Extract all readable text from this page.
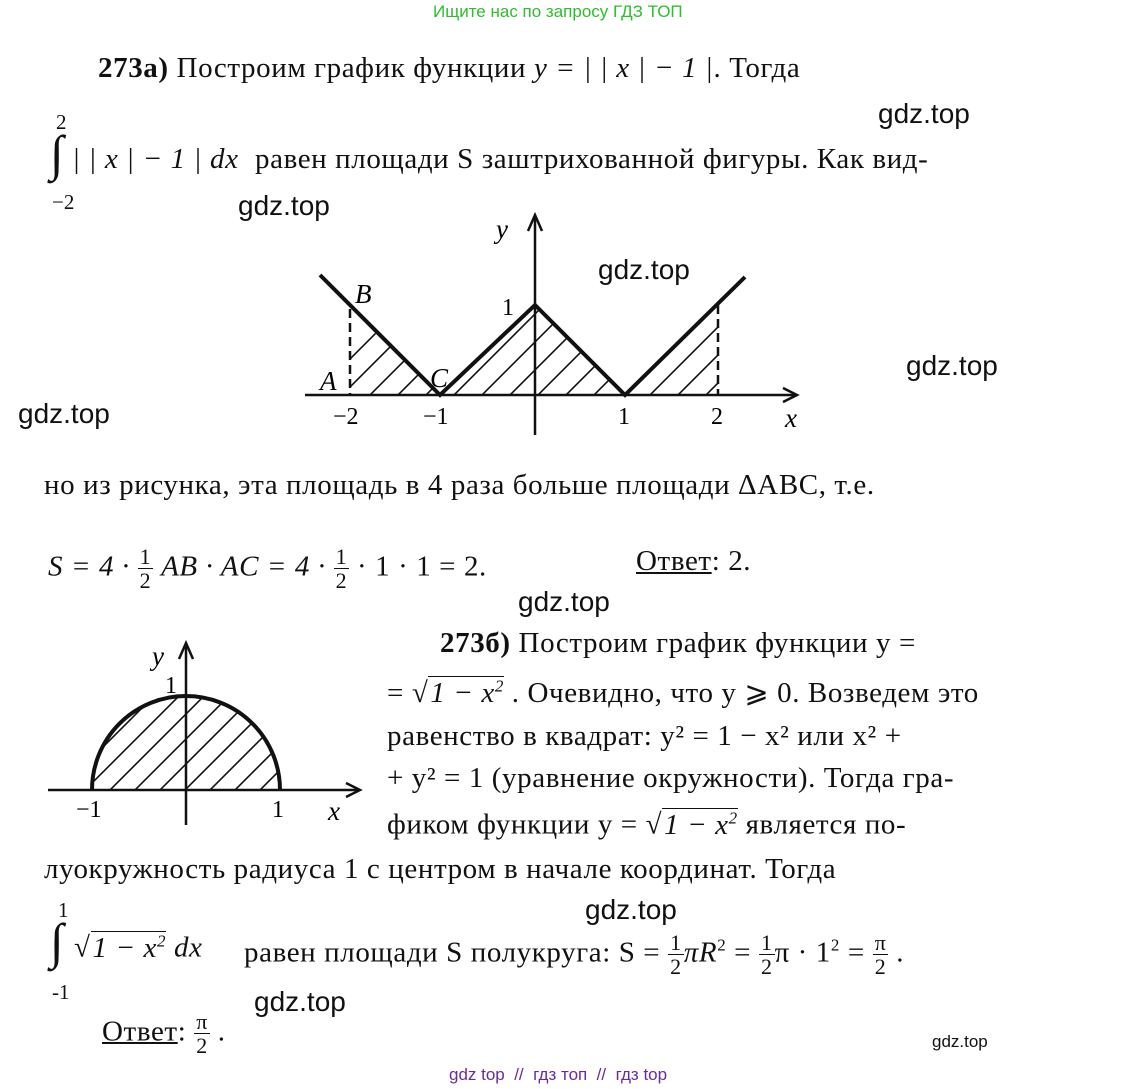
Ищите нас по запросу ГДЗ ТОП
273а) Построим график функции y = | | x | − 1 |. Тогда
2
∫
−2
| | x | − 1 | dx равен площади S заштрихованной фигуры. Как вид-
y
x
1
A
B
C
−2	−1	1	2
но из рисунка, эта площадь в 4 раза больше площади ΔABC, т.е.
$S = 4 \cdot \frac{1}{2}$ AB · AC = $4 \cdot \frac{1}{2} \cdot 1 \cdot 1 = 2$.	Ответ: 2.
y
x
1
−1	1
273б) Построим график функции y =
= $√1 - x^2$ . Очевидно, что y ⩾ 0. Возведем это
равенство в квадрат: y² = 1 − x² или x² +
+ y² = 1 (уравнение окружности). Тогда гра-
фиком функции $y = √1 - x^2$ является по-
луокружность радиуса 1 с центром в начале координат. Тогда
1
∫
-1
$√1 - x^2$ dx равен площади S полукруга: $S = \frac{1}{2} \pi R^2 = \frac{1}{2}$ $\pi \cdot 1^2 = \frac{\pi}{2}$ .
Ответ: $\frac{\pi}{2}$ .
gdz.top
gdz.top
gdz.top
gdz.top
gdz.top
gdz.top
gdz.top
gdz.top
gdz.top
gdz top  //  гдз топ  //  гдз top
